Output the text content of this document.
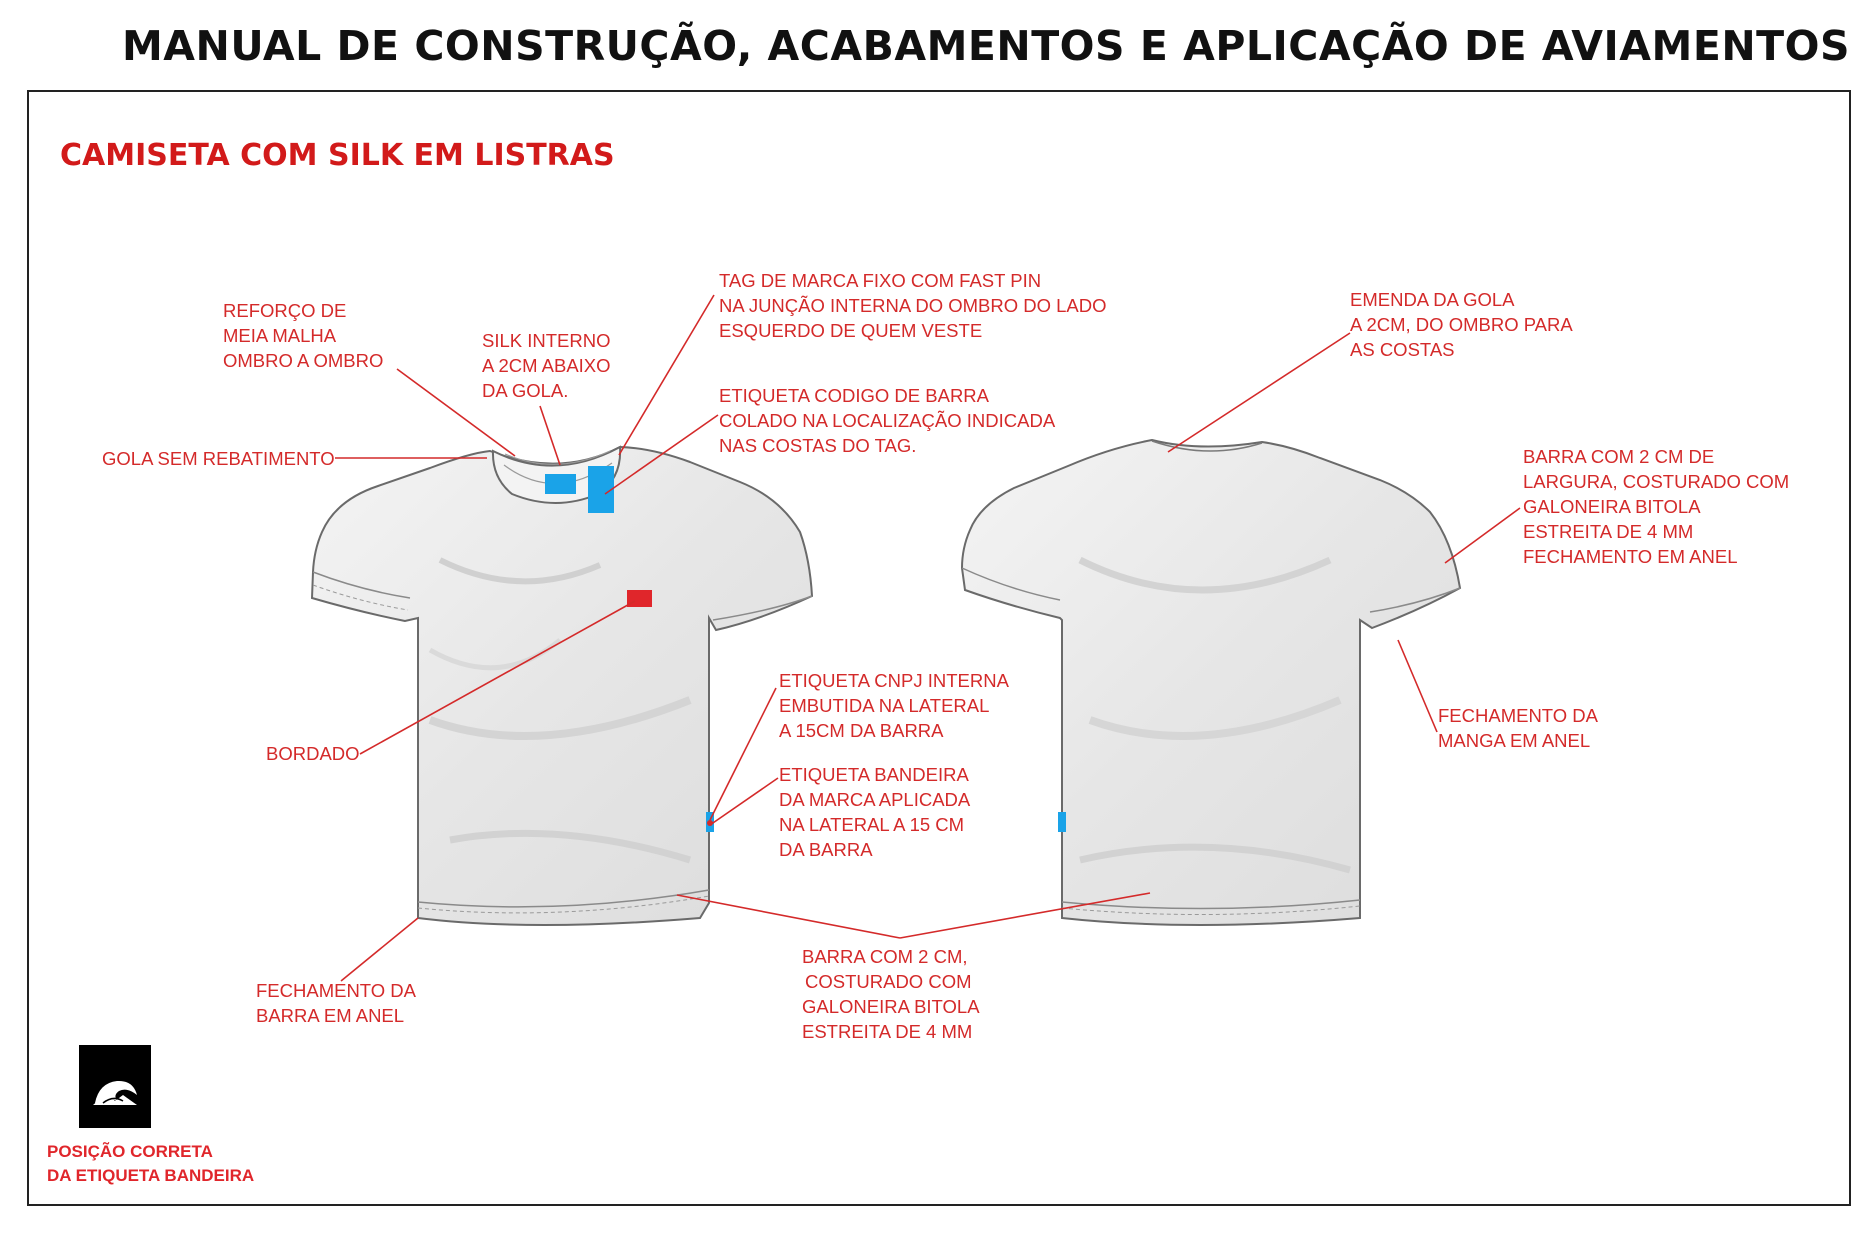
MANUAL DE CONSTRUÇÃO, ACABAMENTOS E APLICAÇÃO DE AVIAMENTOS
CAMISETA COM SILK EM LISTRAS
REFORÇO DE
MEIA MALHA
OMBRO A OMBRO
SILK INTERNO
A 2CM ABAIXO
DA GOLA.
TAG DE MARCA FIXO COM FAST PIN
NA JUNÇÃO INTERNA DO OMBRO DO LADO
ESQUERDO DE QUEM VESTE
ETIQUETA CODIGO DE BARRA
COLADO NA LOCALIZAÇÃO INDICADA
NAS COSTAS DO TAG.
GOLA SEM REBATIMENTO
BORDADO
ETIQUETA CNPJ INTERNA
EMBUTIDA NA LATERAL
A 15CM DA BARRA
ETIQUETA BANDEIRA
DA MARCA APLICADA
NA LATERAL A 15 CM
DA BARRA
FECHAMENTO DA
BARRA EM ANEL
BARRA COM 2 CM,
COSTURADO COM
GALONEIRA BITOLA
ESTREITA DE 4 MM
EMENDA DA GOLA
A 2CM, DO OMBRO PARA
AS COSTAS
BARRA COM 2 CM DE
LARGURA, COSTURADO COM
GALONEIRA BITOLA
ESTREITA DE 4 MM
FECHAMENTO EM ANEL
FECHAMENTO DA
MANGA EM ANEL
POSIÇÃO CORRETA
DA ETIQUETA BANDEIRA
